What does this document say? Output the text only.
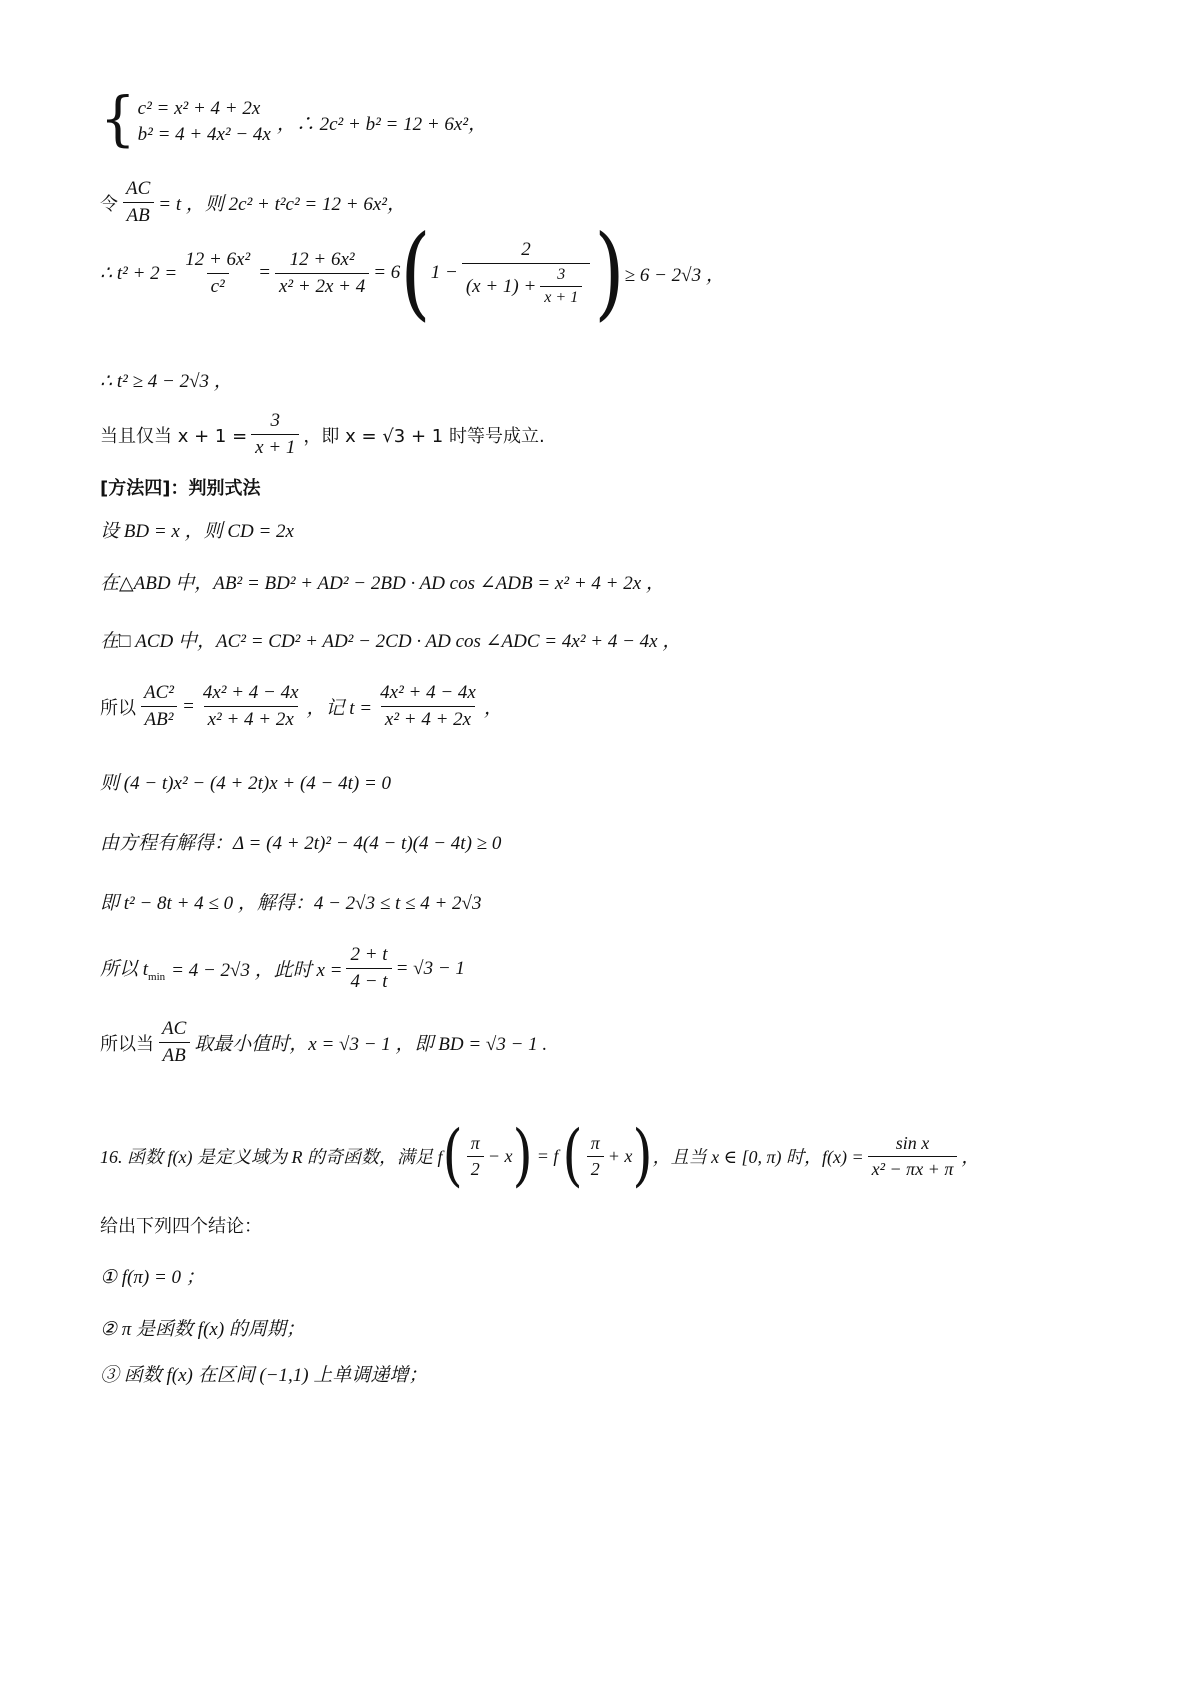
{ c² = x² + 4 + 2x
b² = 4 + 4x² − 4x ，∴ 2c² + b² = 12 + 6x²，
令 $\frac{AC}{AB} = t$ ，则 2c² + t²c² = 12 + 6x²，
∴ $t^2 + 2 = \frac{\text{12 + 6x²}}{\text{c²}} = \frac{\text{12 + 6x²}}{\text{x² + 2x + 4}} = 6$ ( $1 - \frac{2}{(x + 1) + \frac{3}{x + 1}}$ ) ≥ 6 − 2√3 ，
∴ t² ≥ 4 − 2√3 ，
当且仅当 $x + 1 = \frac{3}{x + 1}$ ，即 x = √3 + 1 时等号成立.
[方法四]：判别式法
设 BD = x ，则 CD = 2x
在△ABD 中，AB² = BD² + AD² − 2BD · AD cos ∠ADB = x² + 4 + 2x ，
在□ ACD 中，AC² = CD² + AD² − 2CD · AD cos ∠ADC = 4x² + 4 − 4x ，
所以 $\frac{\text{AC²}}{\text{AB²}} = \frac{\text{4x² + 4 − 4x}}{\text{x² + 4 + 2x}}$ ，记 $t = \frac{\text{4x² + 4 − 4x}}{\text{x² + 4 + 2x}}$ ，
则 (4 − t)x² − (4 + 2t)x + (4 − 4t) = 0
由方程有解得：Δ = (4 + 2t)² − 4(4 − t)(4 − 4t) ≥ 0
即 t² − 8t + 4 ≤ 0 ，解得：4 − 2√3 ≤ t ≤ 4 + 2√3
所以 $t_{min} = 4 - 2√3$ ，此时 $x = \frac{2 + t}{4 - t} = √3 - 1$
所以当 $\frac{AC}{AB}$ 取最小值时，x = √3 − 1 ，即 BD = √3 − 1 .
16. 函数 f(x) 是定义域为 R 的奇函数，满足 f ( $\frac{\pi}{2} - x$ ) = f ( $\frac{\pi}{2} + x$ ) ，且当 x ∈ [0, π) 时，$f(x) = \frac{\text{sin x}}{\text{x² − πx + π}}$ ，
给出下列四个结论：
① f(π) = 0 ；
② π 是函数 f(x) 的周期；
③ 函数 f(x) 在区间 (−1,1) 上单调递增；
